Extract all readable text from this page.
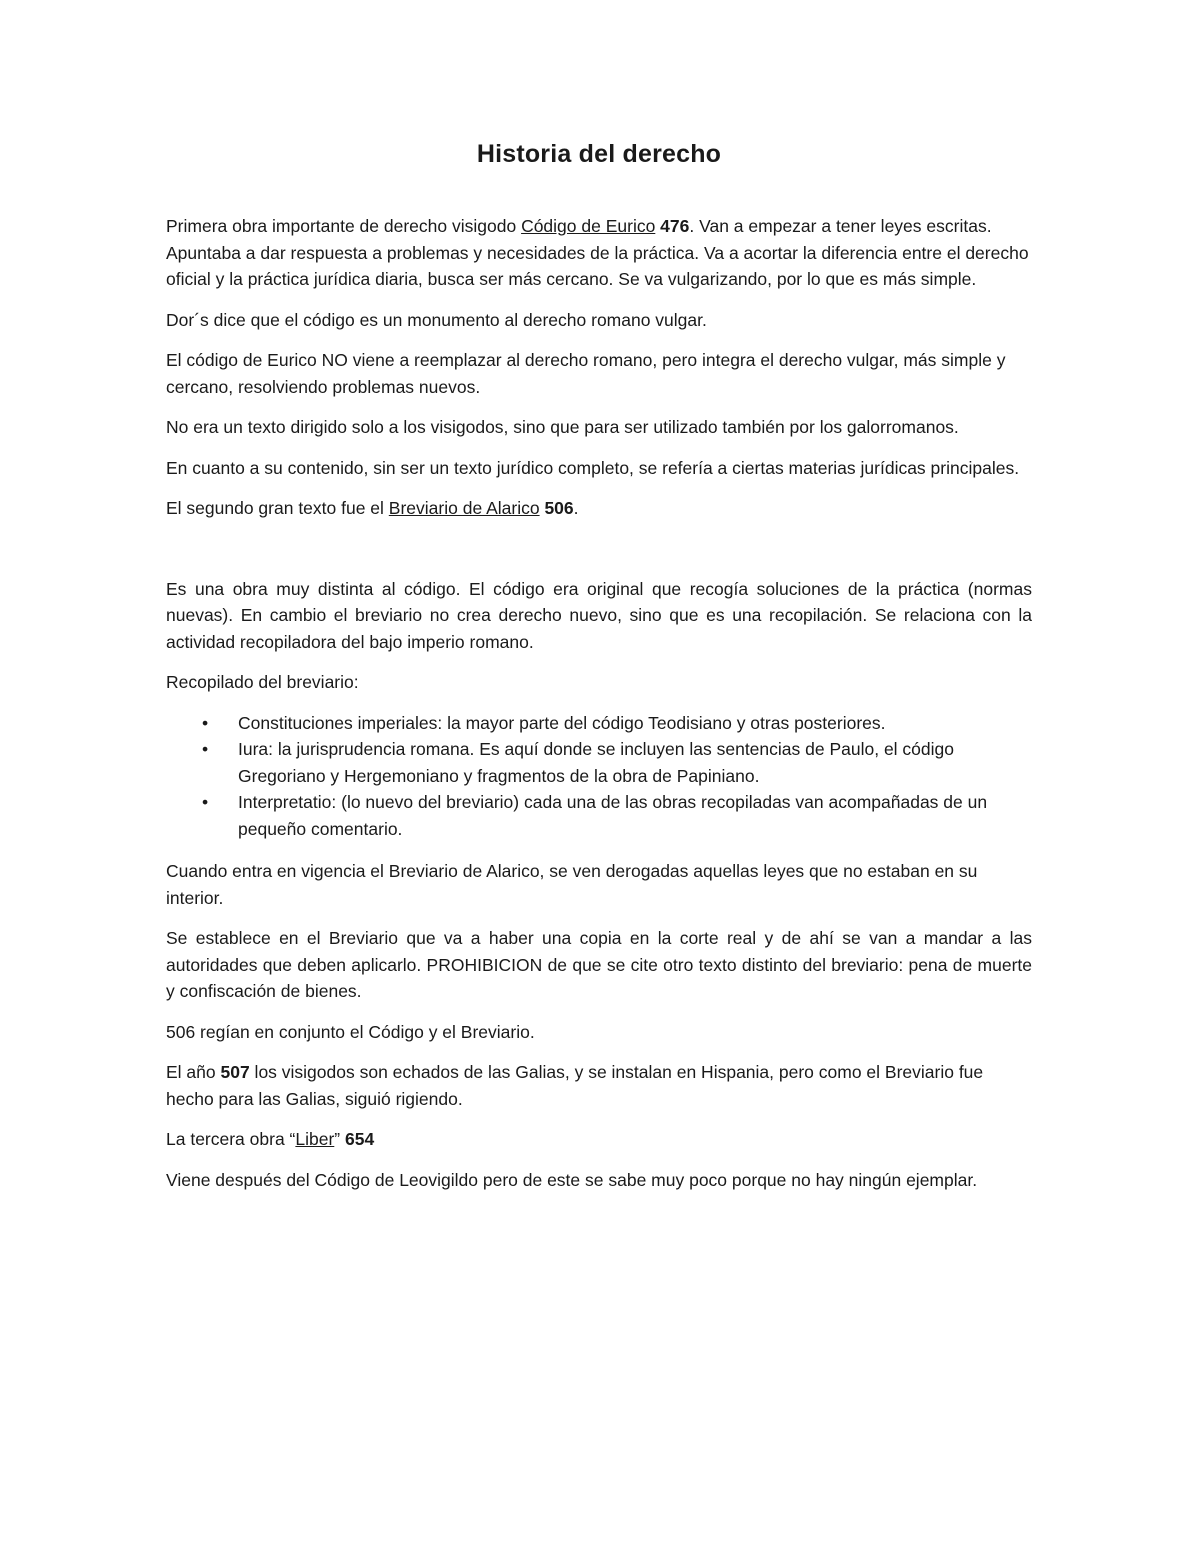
Historia del derecho

Primera obra importante de derecho visigodo Código de Eurico 476. Van a empezar a tener leyes escritas.

Apuntaba a dar respuesta a problemas y necesidades de la práctica. Va a acortar la diferencia entre el derecho oficial y la práctica jurídica diaria, busca ser más cercano. Se va vulgarizando, por lo que es más simple.

Dor´s dice que el código es un monumento al derecho romano vulgar.

El código de Eurico NO viene a reemplazar al derecho romano, pero integra el derecho vulgar, más simple y cercano, resolviendo problemas nuevos.

No era un texto dirigido solo a los visigodos, sino que para ser utilizado también por los galorromanos.

En cuanto a su contenido, sin ser un texto jurídico completo, se refería a ciertas materias jurídicas principales.

El segundo gran texto fue el Breviario de Alarico 506.

Es una obra muy distinta al código. El código era original que recogía soluciones de la práctica (normas nuevas). En cambio el breviario no crea derecho nuevo, sino que es una recopilación. Se relaciona con la actividad recopiladora del bajo imperio romano.

Recopilado del breviario:

• Constituciones imperiales: la mayor parte del código Teodisiano y otras posteriores.
• Iura: la jurisprudencia romana. Es aquí donde se incluyen las sentencias de Paulo, el código Gregoriano y Hergemoniano y fragmentos de la obra de Papiniano.
• Interpretatio: (lo nuevo del breviario) cada una de las obras recopiladas van acompañadas de un pequeño comentario.

Cuando entra en vigencia el Breviario de Alarico, se ven derogadas aquellas leyes que no estaban en su interior.

Se establece en el Breviario que va a haber una copia en la corte real y de ahí se van a mandar a las autoridades que deben aplicarlo. PROHIBICION de que se cite otro texto distinto del breviario: pena de muerte y confiscación de bienes.

506 regían en conjunto el Código y el Breviario.

El año 507 los visigodos son echados de las Galias, y se instalan en Hispania, pero como el Breviario fue hecho para las Galias, siguió rigiendo.

La tercera obra “Liber” 654

Viene después del Código de Leovigildo pero de este se sabe muy poco porque no hay ningún ejemplar.
